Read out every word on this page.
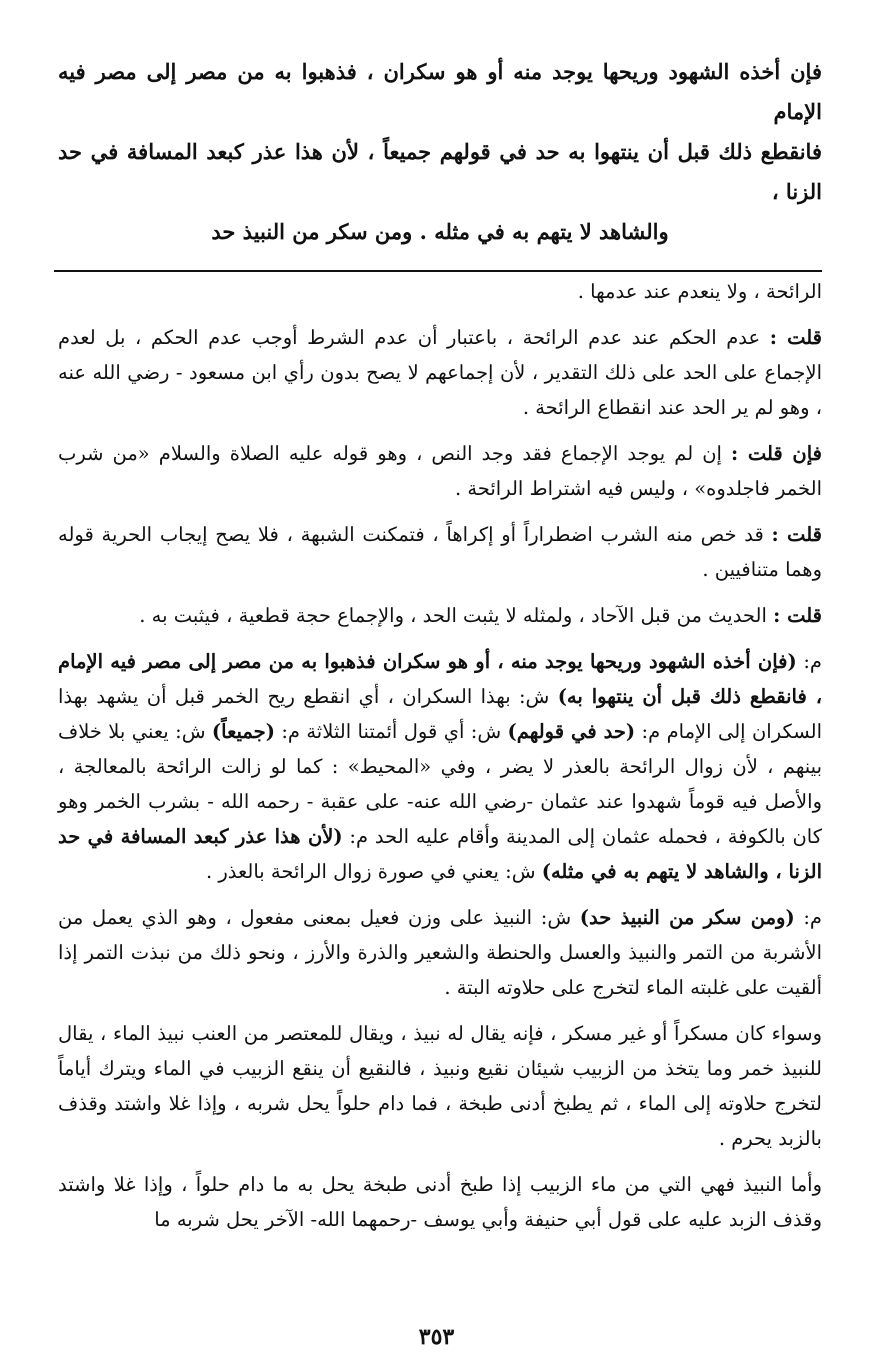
فإن أخذه الشهود وريحها يوجد منه أو هو سكران ، فذهبوا به من مصر إلى مصر فيه الإمام

فانقطع ذلك قبل أن ينتهوا به حد في قولهم جميعاً ، لأن هذا عذر كبعد المسافة في حد الزنا ،

والشاهد لا يتهم به في مثله . ومن سكر من النبيذ حد

الرائحة ، ولا ينعدم عند عدمها .

قلت : عدم الحكم عند عدم الرائحة ، باعتبار أن عدم الشرط أوجب عدم الحكم ، بل لعدم الإجماع على الحد على ذلك التقدير ، لأن إجماعهم لا يصح بدون رأي ابن مسعود - رضي الله عنه ، وهو لم ير الحد عند انقطاع الرائحة .

فإن قلت : إن لم يوجد الإجماع فقد وجد النص ، وهو قوله عليه الصلاة والسلام «من شرب الخمر فاجلدوه» ، وليس فيه اشتراط الرائحة .

قلت : قد خص منه الشرب اضطراراً أو إكراهاً ، فتمكنت الشبهة ، فلا يصح إيجاب الحرية قوله وهما متنافيين .

قلت : الحديث من قبل الآحاد ، ولمثله لا يثبت الحد ، والإجماع حجة قطعية ، فيثبت به .

م: (فإن أخذه الشهود وريحها يوجد منه ، أو هو سكران فذهبوا به من مصر إلى مصر فيه الإمام ، فانقطع ذلك قبل أن ينتهوا به) ش: بهذا السكران ، أي انقطع ريح الخمر قبل أن يشهد بهذا السكران إلى الإمام م: (حد في قولهم) ش: أي قول أئمتنا الثلاثة م: (جميعاً) ش: يعني بلا خلاف بينهم ، لأن زوال الرائحة بالعذر لا يضر ، وفي «المحيط» : كما لو زالت الرائحة بالمعالجة ، والأصل فيه قوماً شهدوا عند عثمان -رضي الله عنه- على عقبة - رحمه الله - بشرب الخمر وهو كان بالكوفة ، فحمله عثمان إلى المدينة وأقام عليه الحد م: (لأن هذا عذر كبعد المسافة في حد الزنا ، والشاهد لا يتهم به في مثله) ش: يعني في صورة زوال الرائحة بالعذر .

م: (ومن سكر من النبيذ حد) ش: النبيذ على وزن فعيل بمعنى مفعول ، وهو الذي يعمل من الأشربة من التمر والنبيذ والعسل والحنطة والشعير والذرة والأرز ، ونحو ذلك من نبذت التمر إذا ألقيت على غلبته الماء لتخرج على حلاوته البتة .

وسواء كان مسكراً أو غير مسكر ، فإنه يقال له نبيذ ، ويقال للمعتصر من العنب نبيذ الماء ، يقال للنبيذ خمر وما يتخذ من الزبيب شيئان نقيع ونبيذ ، فالنقيع أن ينقع الزبيب في الماء ويترك أياماً لتخرج حلاوته إلى الماء ، ثم يطبخ أدنى طبخة ، فما دام حلواً يحل شربه ، وإذا غلا واشتد وقذف بالزبد يحرم .

وأما النبيذ فهي التي من ماء الزبيب إذا طبخ أدنى طبخة يحل به ما دام حلواً ، وإذا غلا واشتد وقذف الزبد عليه على قول أبي حنيفة وأبي يوسف -رحمهما الله- الآخر يحل شربه ما

٣٥٣
